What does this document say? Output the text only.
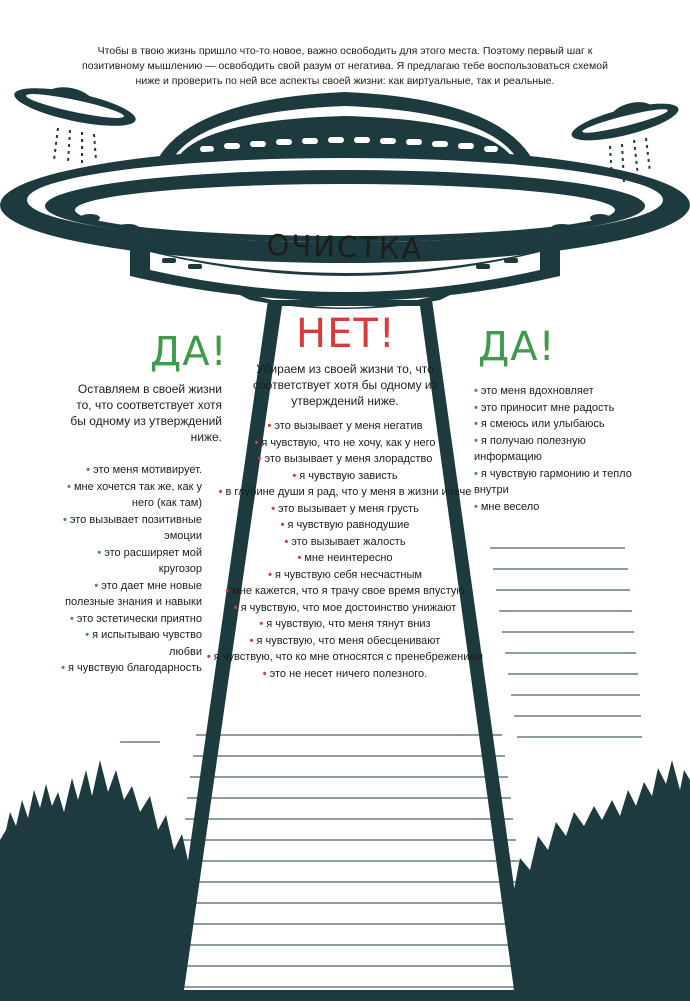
Чтобы в твою жизнь пришло что-то новое, важно освободить для этого места. Поэтому первый шаг к позитивному мышлению — освободить свой разум от негатива. Я предлагаю тебе воспользоваться схемой ниже и проверить по ней все аспекты своей жизни: как виртуальные, так и реальные.
ОЧИСТКА
ДА! НЕТ! ДА!
Оставляем в своей жизни то, что соответствует хотя бы одному из утверждений ниже.
Убираем из своей жизни то, что соответствует хотя бы одному из утверждений ниже.
• это меня мотивирует.
• мне хочется так же, как у него (как там)
• это вызывает позитивные эмоции
• это расширяет мой кругозор
• это дает мне новые полезные знания и навыки
• это эстетически приятно
• я испытываю чувство любви
• я чувствую благодарность
• это вызывает у меня негатив
• я чувствую, что не хочу, как у него
• это вызывает у меня злорадство
• я чувствую зависть
• в глубине души я рад, что у меня в жизни иначе
• это вызывает у меня грусть
• я чувствую равнодушие
• это вызывает жалость
• мне неинтересно
• я чувствую себя несчастным
• мне кажется, что я трачу свое время впустую
• я чувствую, что мое достоинство унижают
• я чувствую, что меня тянут вниз
• я чувствую, что меня обесценивают
• я чувствую, что ко мне относятся с пренебрежением
• это не несет ничего полезного.
• это меня вдохновляет
• это приносит мне радость
• я смеюсь или улыбаюсь
• я получаю полезную информацию
• я чувствую гармонию и тепло внутри
• мне весело
